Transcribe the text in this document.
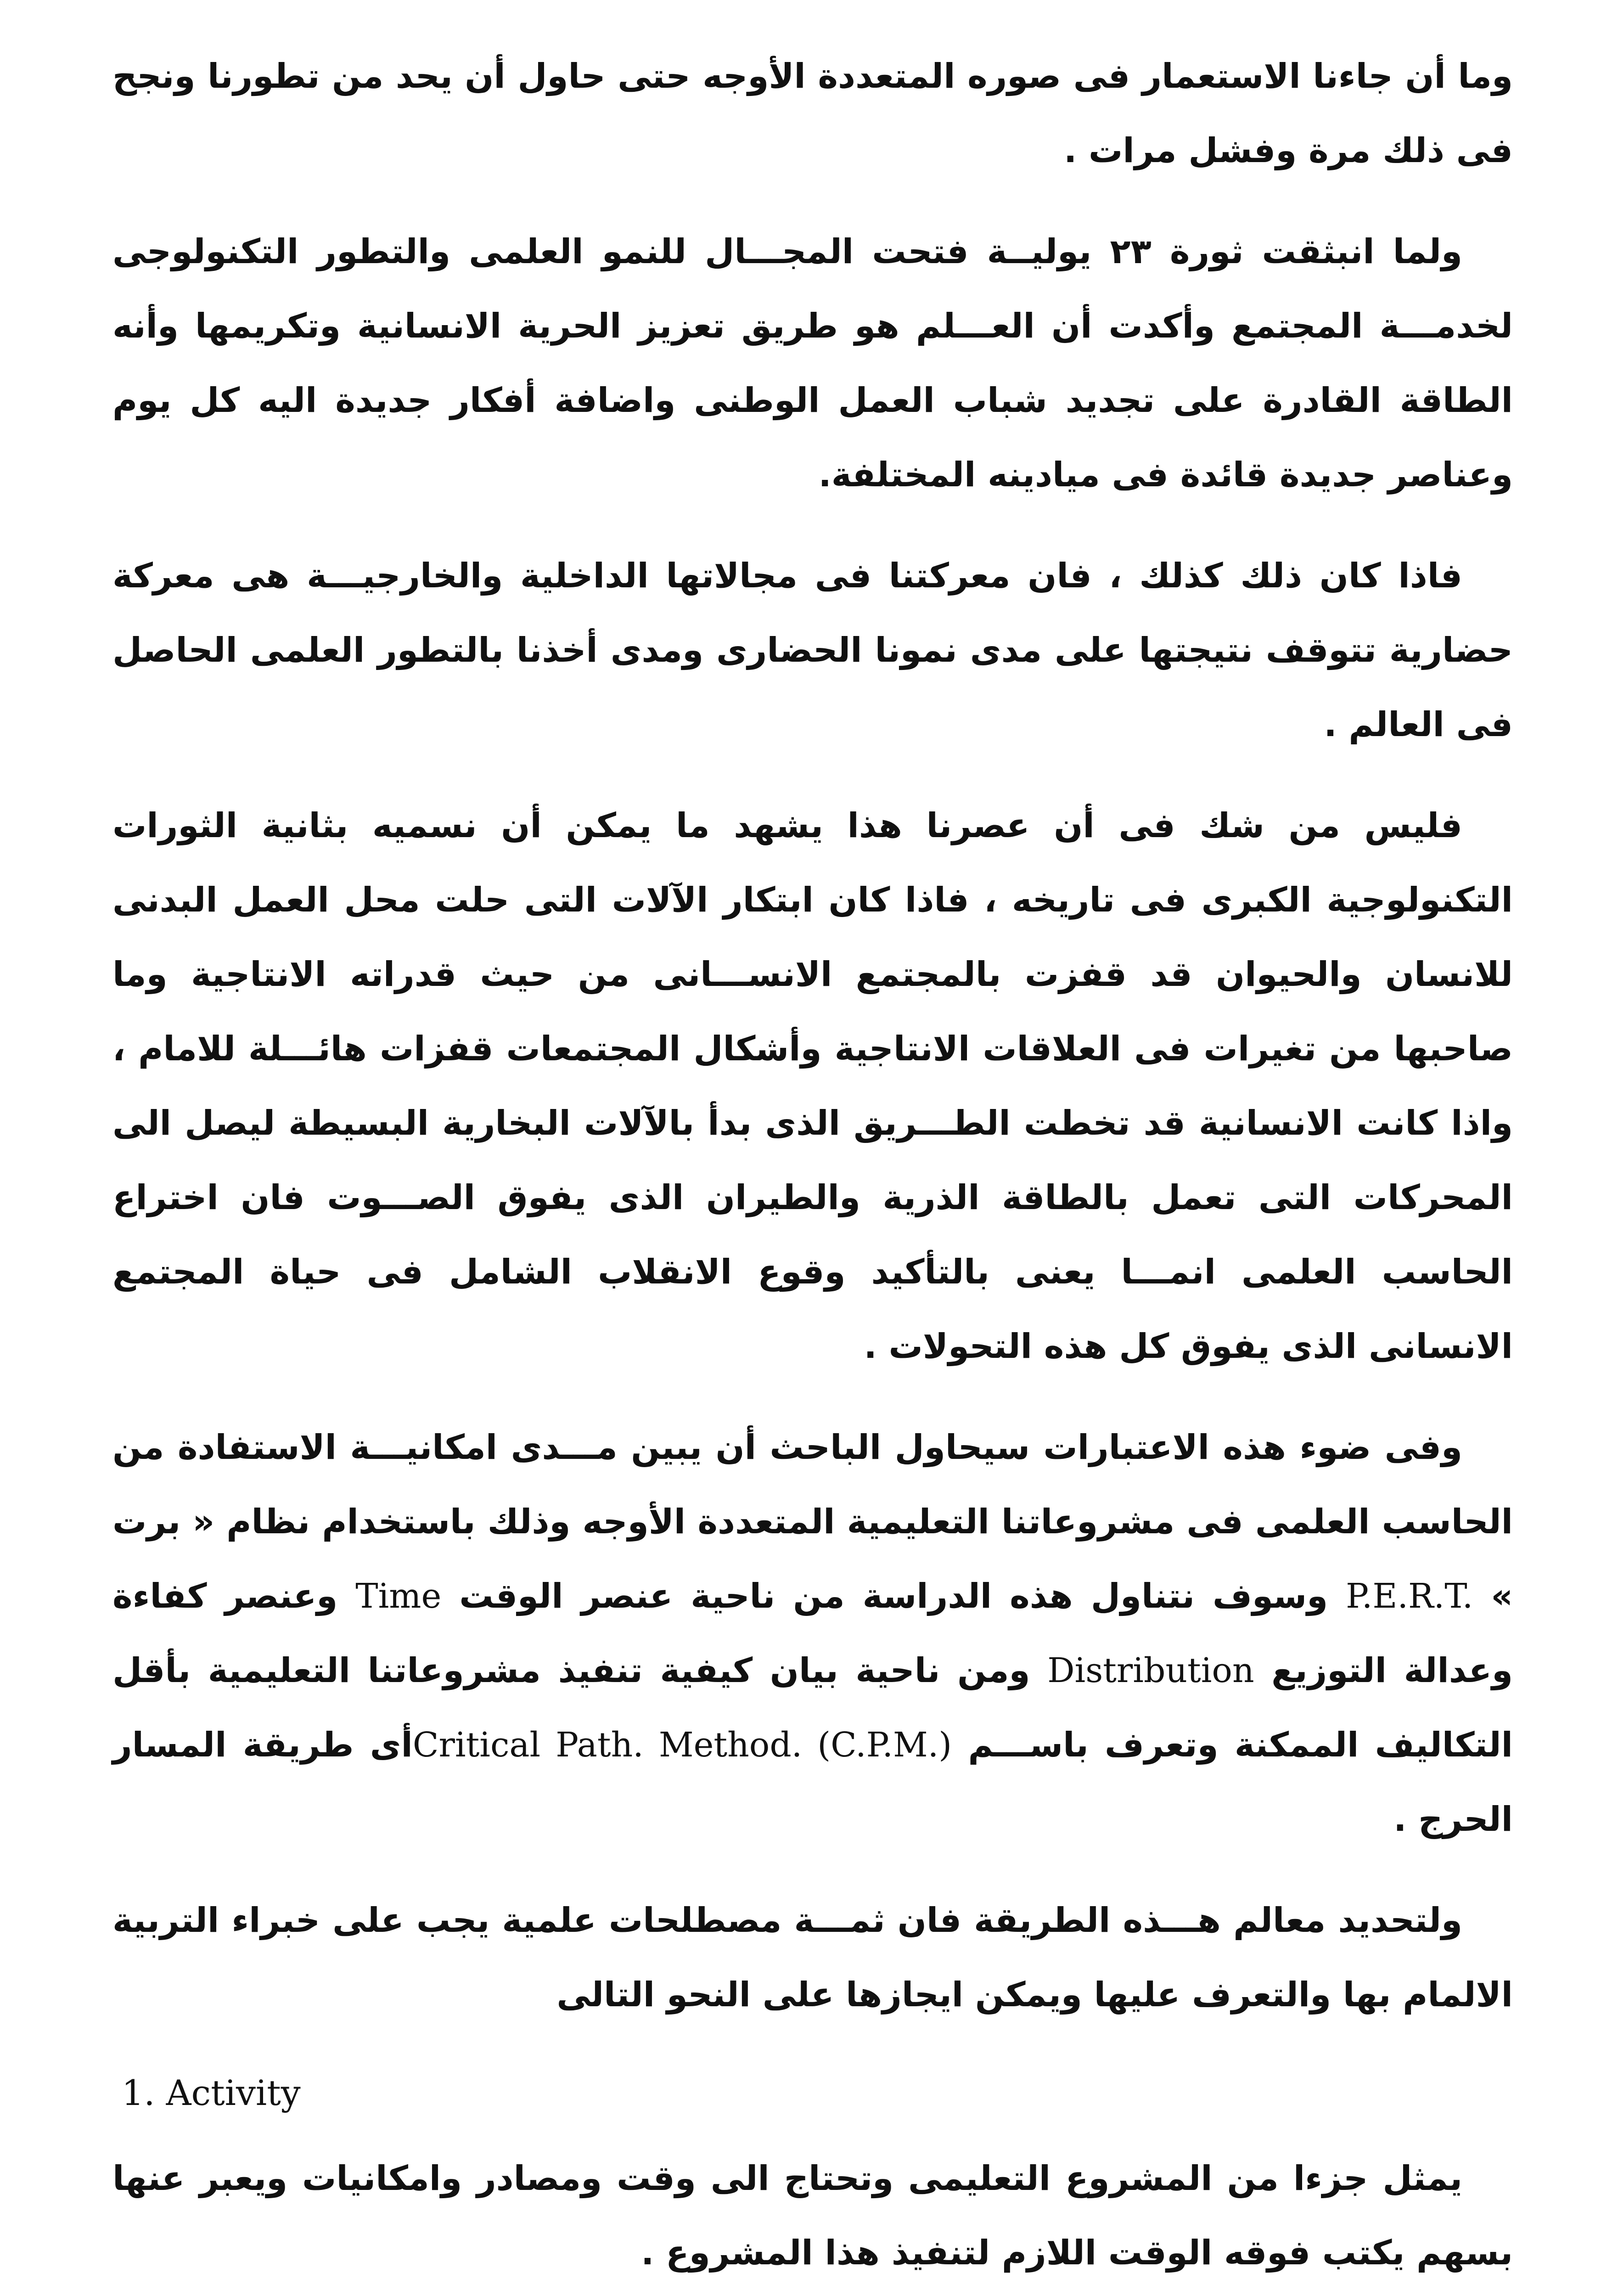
وما أن جاءنا الاستعمار فى صوره المتعددة الأوجه حتى حاول أن يحد من تطورنا ونجح فى ذلك مرة وفشل مرات .

ولما انبثقت ثورة ٢٣ يوليــة فتحت المجـــال للنمو العلمى والتطور التكنولوجى لخدمـــة المجتمع وأكدت أن العـــلم هو طريق تعزيز الحرية الانسانية وتكريمها وأنه الطاقة القادرة على تجديد شباب العمل الوطنى واضافة أفكار جديدة اليه كل يوم وعناصر جديدة قائدة فى ميادينه المختلفة.

فاذا كان ذلك كذلك ، فان معركتنا فى مجالاتها الداخلية والخارجيـــة هى معركة حضارية تتوقف نتيجتها على مدى نمونا الحضارى ومدى أخذنا بالتطور العلمى الحاصل فى العالم .

فليس من شك فى أن عصرنا هذا يشهد ما يمكن أن نسميه بثانية الثورات التكنولوجية الكبرى فى تاريخه ، فاذا كان ابتكار الآلات التى حلت محل العمل البدنى للانسان والحيوان قد قفزت بالمجتمع الانســـانى من حيث قدراته الانتاجية وما صاحبها من تغيرات فى العلاقات الانتاجية وأشكال المجتمعات قفزات هائـــلة للامام ، واذا كانت الانسانية قد تخطت الطـــريق الذى بدأ بالآلات البخارية البسيطة ليصل الى المحركات التى تعمل بالطاقة الذرية والطيران الذى يفوق الصـــوت فان اختراع الحاسب العلمى انمـــا يعنى بالتأكيد وقوع الانقلاب الشامل فى حياة المجتمع الانسانى الذى يفوق كل هذه التحولات .

وفى ضوء هذه الاعتبارات سيحاول الباحث أن يبين مـــدى امكانيـــة الاستفادة من الحاسب العلمى فى مشروعاتنا التعليمية المتعددة الأوجه وذلك باستخدام نظام « برت » P.E.R.T. وسوف نتناول هذه الدراسة من ناحية عنصر الوقت Time وعنصر كفاءة وعدالة التوزيع Distribution ومن ناحية بيان كيفية تنفيذ مشروعاتنا التعليمية بأقل التكاليف الممكنة وتعرف باســـم Critical Path. Method. (C.P.M.)أى طريقة المسار الحرج .

ولتحديد معالم هـــذه الطريقة فان ثمـــة مصطلحات علمية يجب على خبراء التربية الالمام بها والتعرف عليها ويمكن ايجازها على النحو التالى

1. Activity

يمثل جزءا من المشروع التعليمى وتحتاج الى وقت ومصادر وامكانيات ويعبر عنها بسهم يكتب فوقه الوقت اللازم لتنفيذ هذا المشروع .
